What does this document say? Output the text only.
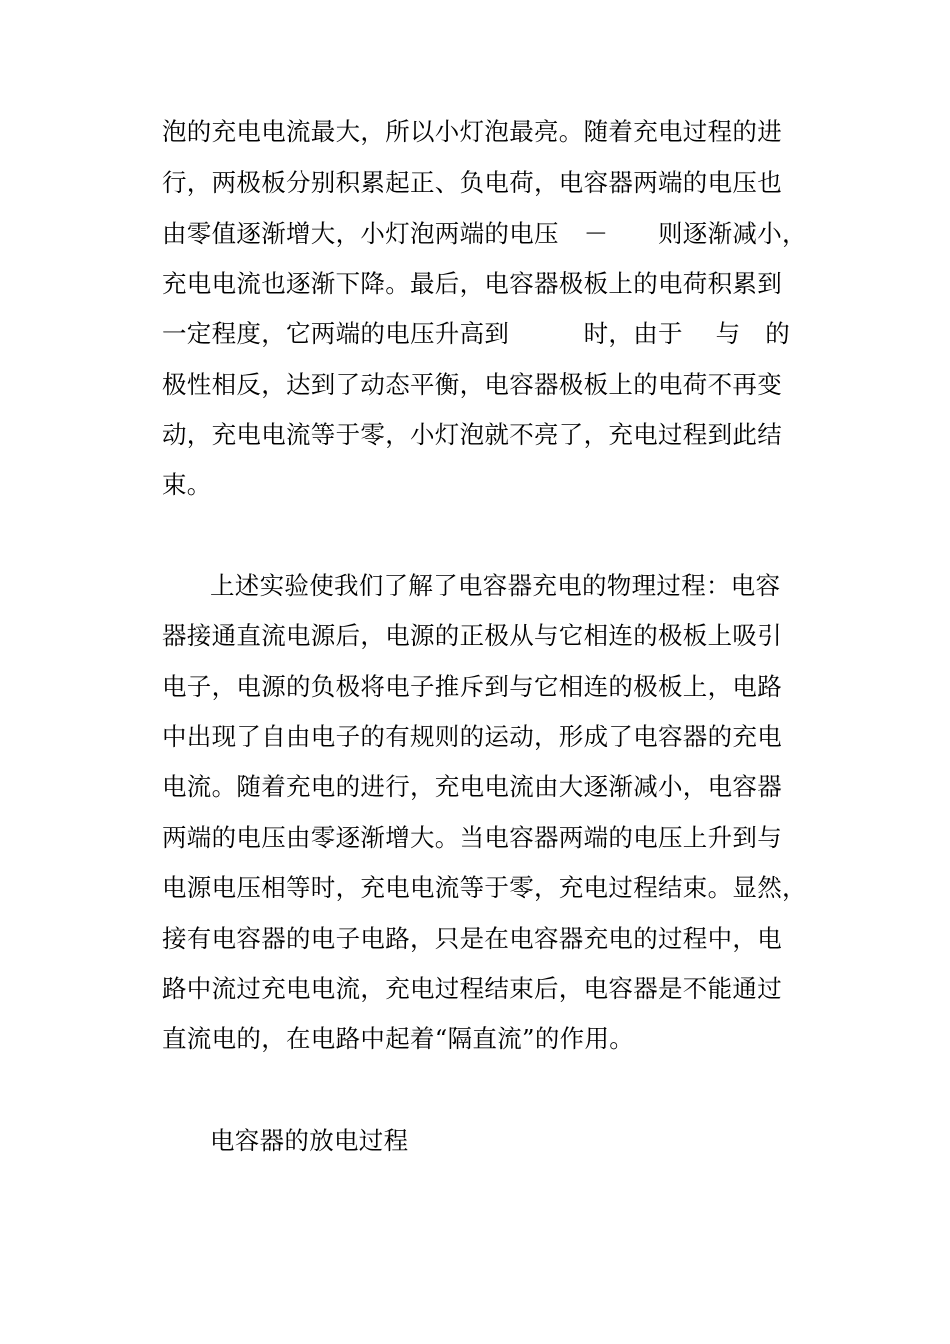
泡的充电电流最大，所以小灯泡最亮。随着充电过程的进
行，两极板分别积累起正、负电荷，电容器两端的电压也
由零值逐渐增大，小灯泡两端的电压　－　　则逐渐减小，
充电电流也逐渐下降。最后，电容器极板上的电荷积累到
一定程度，它两端的电压升高到　　　时，由于　 与　的
极性相反，达到了动态平衡，电容器极板上的电荷不再变
动，充电电流等于零，小灯泡就不亮了，充电过程到此结
束。
上述实验使我们了解了电容器充电的物理过程：电容
器接通直流电源后，电源的正极从与它相连的极板上吸引
电子，电源的负极将电子推斥到与它相连的极板上，电路
中出现了自由电子的有规则的运动，形成了电容器的充电
电流。随着充电的进行，充电电流由大逐渐减小，电容器
两端的电压由零逐渐增大。当电容器两端的电压上升到与
电源电压相等时，充电电流等于零，充电过程结束。显然，
接有电容器的电子电路，只是在电容器充电的过程中，电
路中流过充电电流，充电过程结束后，电容器是不能通过
直流电的，在电路中起着“隔直流”的作用。
电容器的放电过程
